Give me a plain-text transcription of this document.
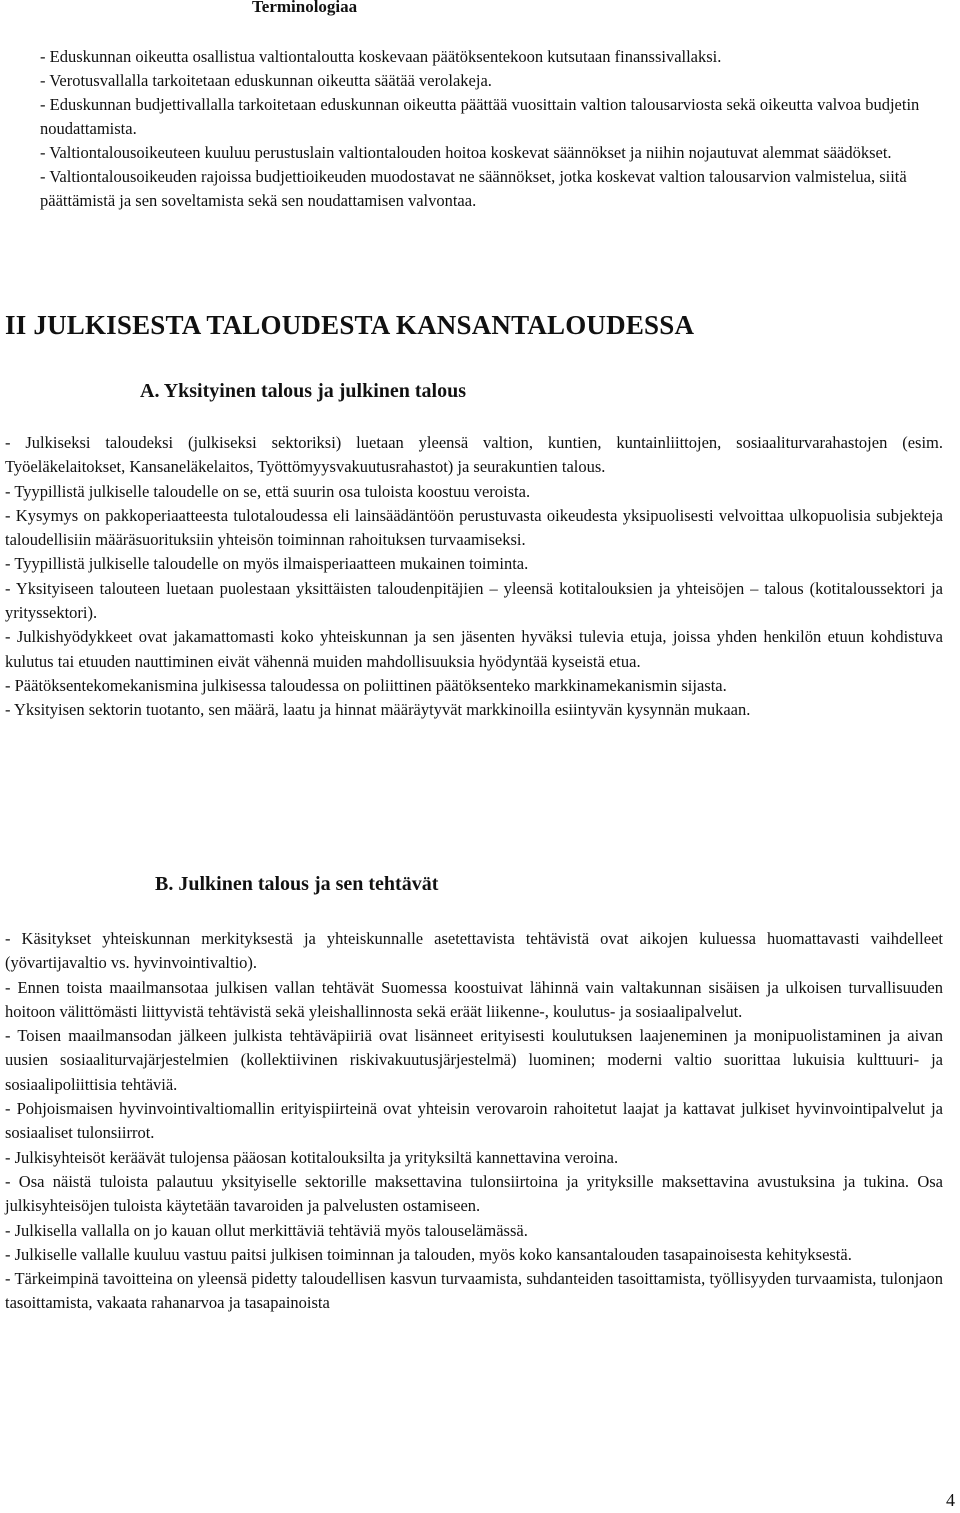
Terminologiaa

- Eduskunnan oikeutta osallistua valtiontaloutta koskevaan päätöksentekoon kutsutaan finanssivallaksi.

- Verotusvallalla tarkoitetaan eduskunnan oikeutta säätää verolakeja.

- Eduskunnan budjettivallalla tarkoitetaan eduskunnan oikeutta päättää vuosittain valtion talousarviosta sekä oikeutta valvoa budjetin noudattamista.

- Valtiontalousoikeuteen kuuluu perustuslain valtiontalouden hoitoa koskevat säännökset ja niihin nojautuvat alemmat säädökset.

- Valtiontalousoikeuden rajoissa budjettioikeuden muodostavat ne säännökset, jotka koskevat valtion talousarvion valmistelua, siitä päättämistä ja sen soveltamista sekä sen noudattamisen valvontaa.

II JULKISESTA TALOUDESTA KANSANTALOUDESSA
A. Yksityinen talous ja julkinen talous

- Julkiseksi taloudeksi (julkiseksi sektoriksi) luetaan yleensä valtion, kuntien, kuntainliittojen, sosiaaliturvarahastojen (esim. Työeläkelaitokset, Kansaneläkelaitos, Työttömyysvakuutusrahastot) ja seurakuntien talous.

- Tyypillistä julkiselle taloudelle on se, että suurin osa tuloista koostuu veroista.

- Kysymys on pakkoperiaatteesta tulotaloudessa eli lainsäädäntöön perustuvasta oikeudesta yksipuolisesti velvoittaa ulkopuolisia subjekteja taloudellisiin määräsuorituksiin yhteisön toiminnan rahoituksen turvaamiseksi.

- Tyypillistä julkiselle taloudelle on myös ilmaisperiaatteen mukainen toiminta.

- Yksityiseen talouteen luetaan puolestaan yksittäisten taloudenpitäjien – yleensä kotitalouksien ja yhteisöjen – talous (kotitaloussektori ja yrityssektori).

- Julkishyödykkeet ovat jakamattomasti koko yhteiskunnan ja sen jäsenten hyväksi tulevia etuja, joissa yhden henkilön etuun kohdistuva kulutus tai etuuden nauttiminen eivät vähennä muiden mahdollisuuksia hyödyntää kyseistä etua.

- Päätöksentekomekanismina julkisessa taloudessa on poliittinen päätöksenteko markkinamekanismin sijasta.

- Yksityisen sektorin tuotanto, sen määrä, laatu ja hinnat määräytyvät markkinoilla esiintyvän kysynnän mukaan.

B. Julkinen talous ja sen tehtävät

- Käsitykset yhteiskunnan merkityksestä ja yhteiskunnalle asetettavista tehtävistä ovat aikojen kuluessa huomattavasti vaihdelleet (yövartijavaltio vs. hyvinvointivaltio).

- Ennen toista maailmansotaa julkisen vallan tehtävät Suomessa koostuivat lähinnä vain valtakunnan sisäisen ja ulkoisen turvallisuuden hoitoon välittömästi liittyvistä tehtävistä sekä yleishallinnosta sekä eräät liikenne-, koulutus- ja sosiaalipalvelut.

- Toisen maailmansodan jälkeen julkista tehtäväpiiriä ovat lisänneet erityisesti koulutuksen laajeneminen ja monipuolistaminen ja aivan uusien sosiaaliturvajärjestelmien (kollektiivinen riskivakuutusjärjestelmä) luominen; moderni valtio suorittaa lukuisia kulttuuri- ja sosiaalipoliittisia tehtäviä.

- Pohjoismaisen hyvinvointivaltiomallin erityispiirteinä ovat yhteisin verovaroin rahoitetut laajat ja kattavat julkiset hyvinvointipalvelut ja sosiaaliset tulonsiirrot.

- Julkisyhteisöt keräävät tulojensa pääosan kotitalouksilta ja yrityksiltä kannettavina veroina.

- Osa näistä tuloista palautuu yksityiselle sektorille maksettavina tulonsiirtoina ja yrityksille maksettavina avustuksina ja tukina. Osa julkisyhteisöjen tuloista käytetään tavaroiden ja palvelusten ostamiseen.

- Julkisella vallalla on jo kauan ollut merkittäviä tehtäviä myös talouselämässä.

- Julkiselle vallalle kuuluu vastuu paitsi julkisen toiminnan ja talouden, myös koko kansantalouden tasapainoisesta kehityksestä.

- Tärkeimpinä tavoitteina on yleensä pidetty taloudellisen kasvun turvaamista, suhdanteiden tasoittamista, työllisyyden turvaamista, tulonjaon tasoittamista, vakaata rahanarvoa ja tasapainoista

4
